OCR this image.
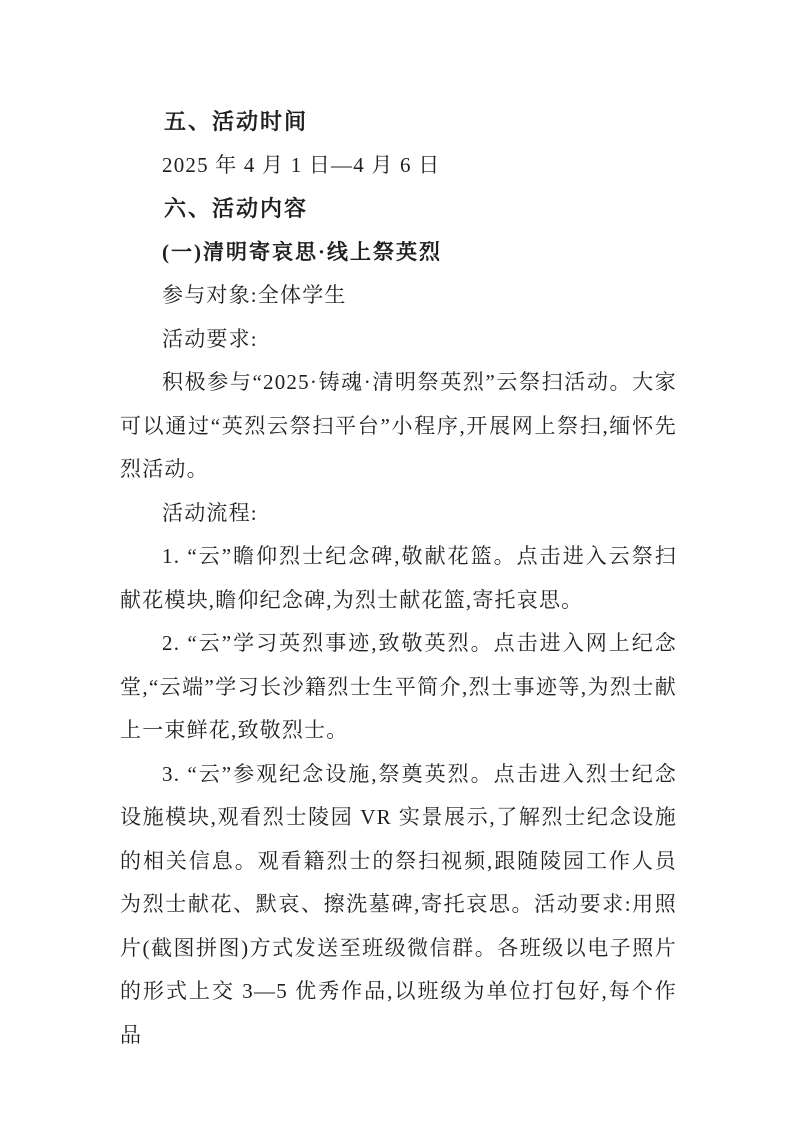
五、活动时间

2025 年 4 月 1 日—4 月 6 日

六、活动内容

(一)清明寄哀思·线上祭英烈

参与对象:全体学生

活动要求:

积极参与“2025·铸魂·清明祭英烈”云祭扫活动。大家可以通过“英烈云祭扫平台”小程序,开展网上祭扫,缅怀先烈活动。

活动流程:

1. “云”瞻仰烈士纪念碑,敬献花篮。点击进入云祭扫献花模块,瞻仰纪念碑,为烈士献花篮,寄托哀思。

2. “云”学习英烈事迹,致敬英烈。点击进入网上纪念堂,“云端”学习长沙籍烈士生平简介,烈士事迹等,为烈士献上一束鲜花,致敬烈士。

3. “云”参观纪念设施,祭奠英烈。点击进入烈士纪念设施模块,观看烈士陵园 VR 实景展示,了解烈士纪念设施的相关信息。观看籍烈士的祭扫视频,跟随陵园工作人员为烈士献花、默哀、擦洗墓碑,寄托哀思。活动要求:用照片(截图拼图)方式发送至班级微信群。各班级以电子照片的形式上交 3—5 优秀作品,以班级为单位打包好,每个作品
